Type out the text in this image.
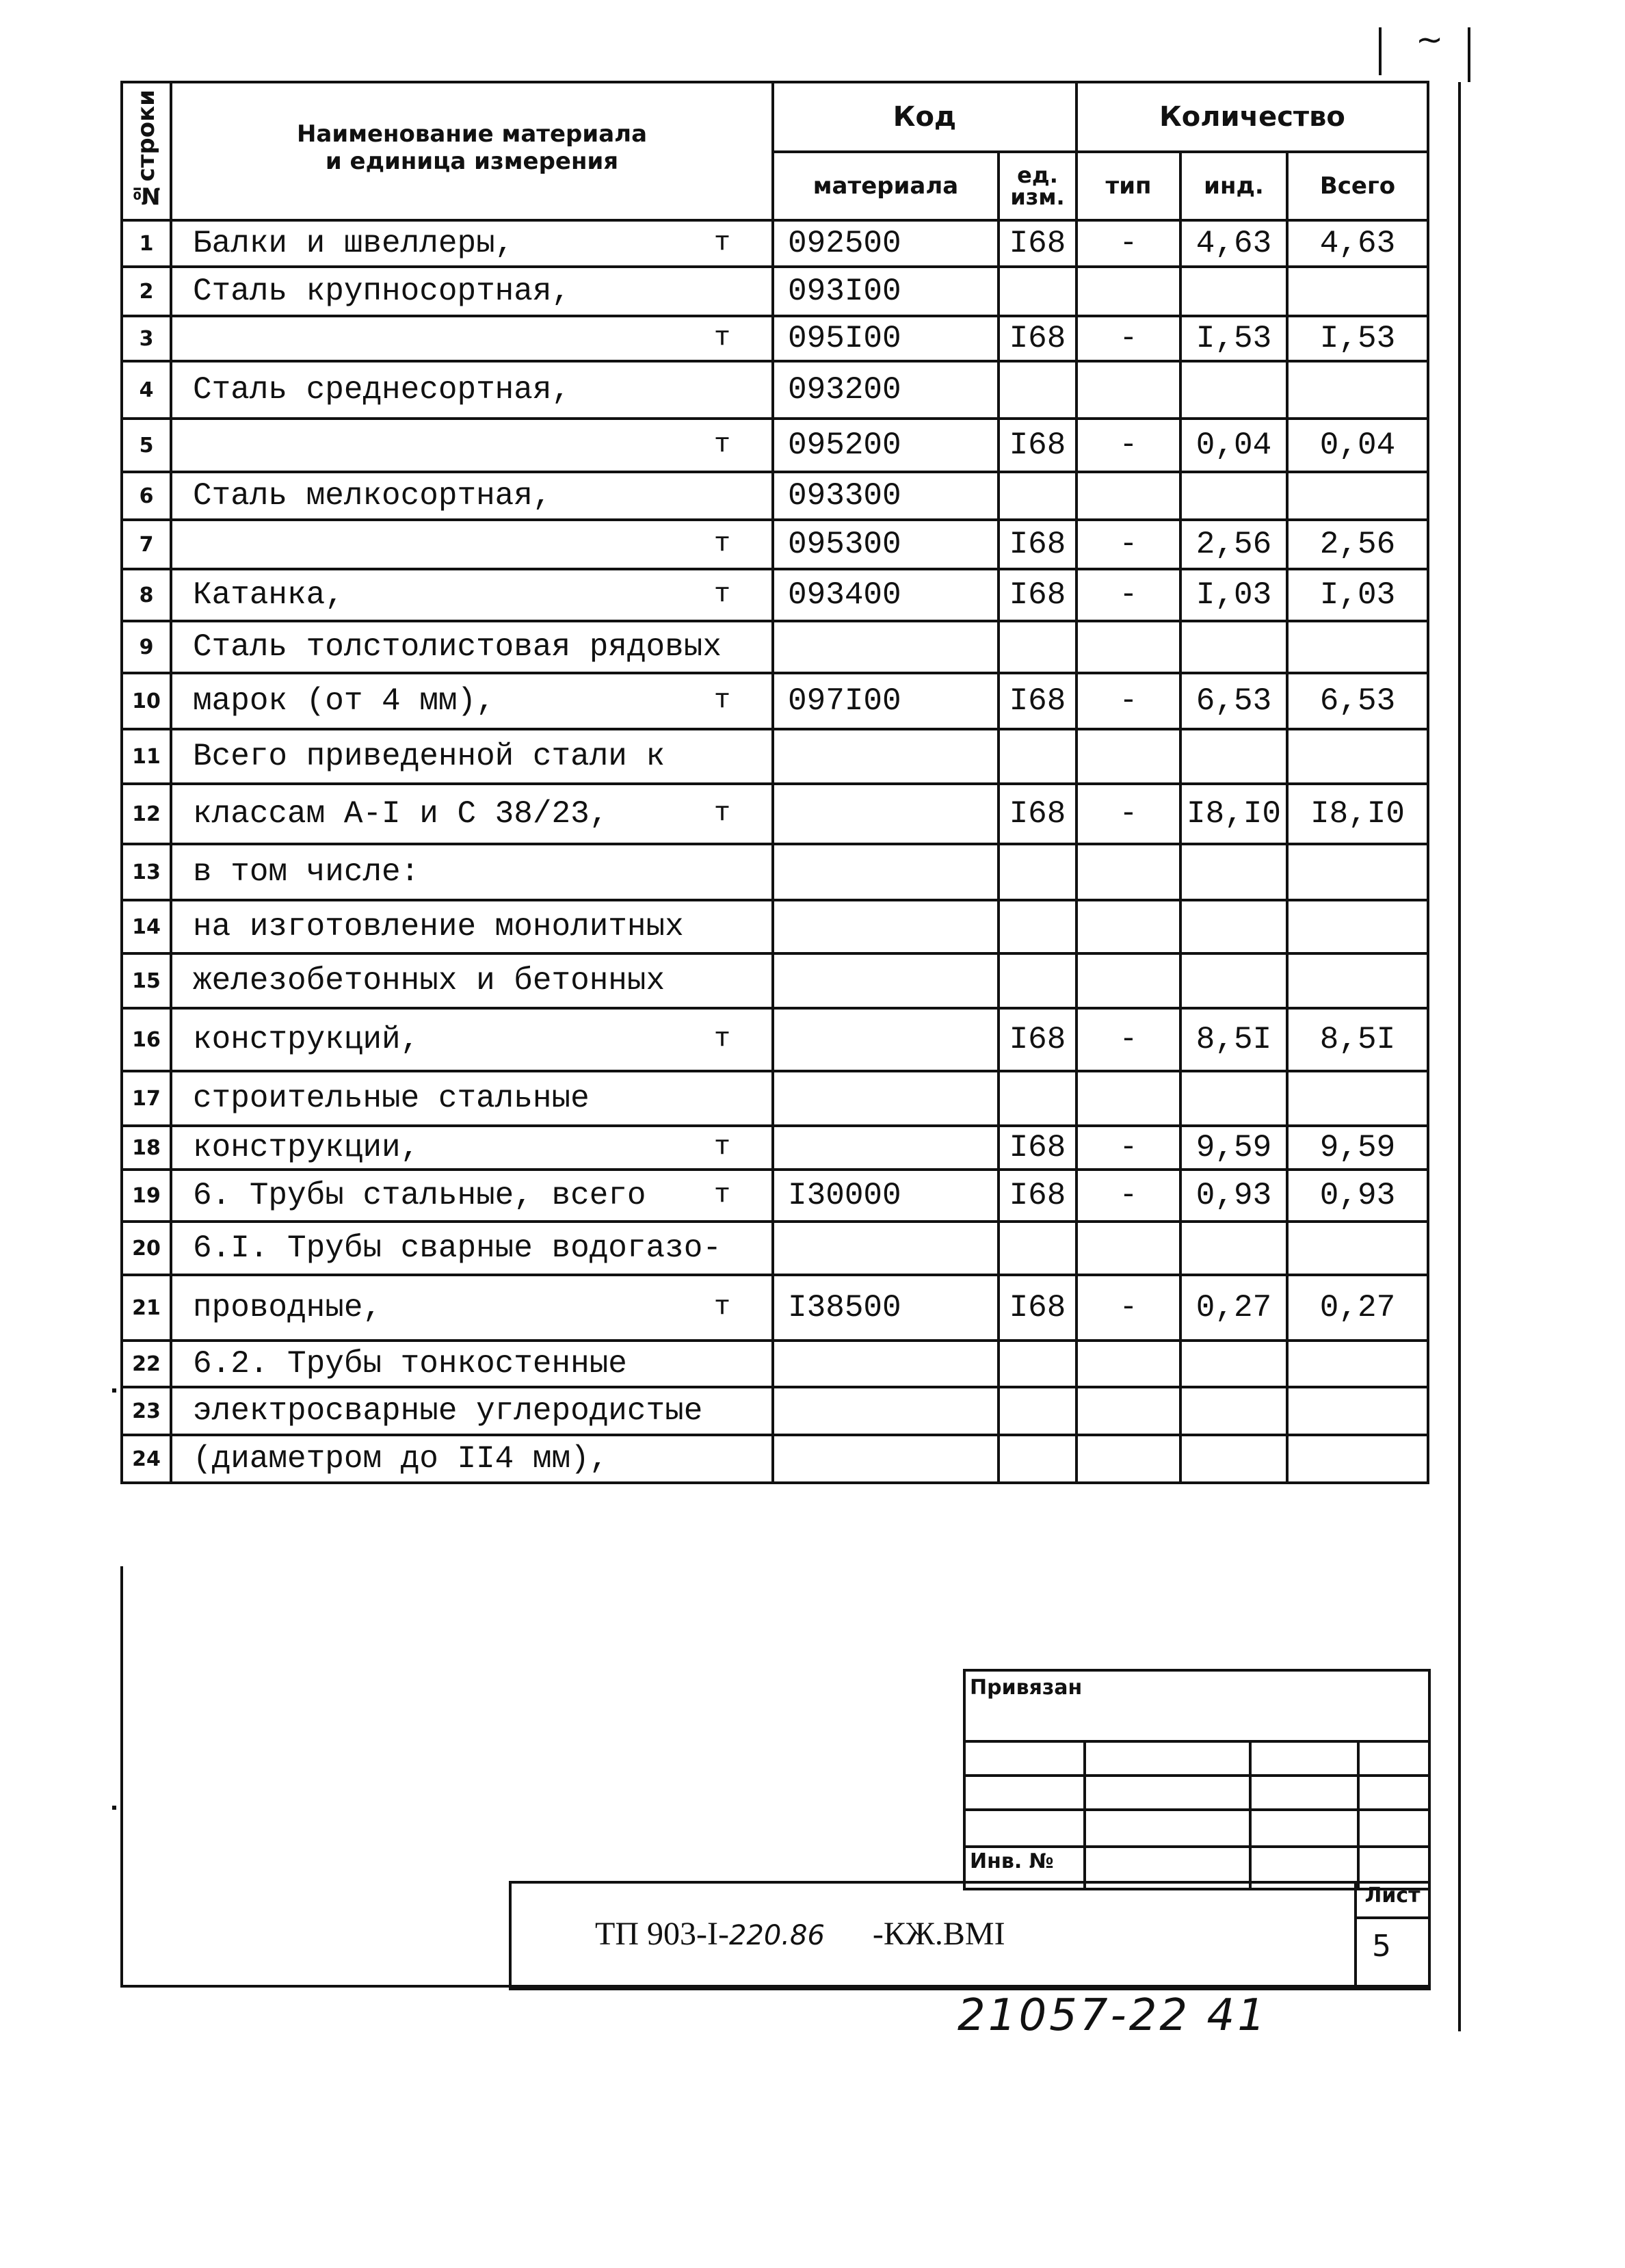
~
№строки	Наименование материала
и единица измерения	Код		Количество		
		материала	ед. изм.	тип	инд.	Всего
1	Балки и швеллеры, т	092500	I68	-	4,63	4,63
2	Сталь крупносортная,	093I00				
3	т	095I00	I68	-	I,53	I,53
4	Сталь среднесортная,	093200				
5	т	095200	I68	-	0,04	0,04
6	Сталь мелкосортная,	093300				
7	т	095300	I68	-	2,56	2,56
8	Катанка, т	093400	I68	-	I,03	I,03
9	Сталь толстолистовая рядовых

10	марок (от 4 мм), т	097I00	I68	-	6,53	6,53
11	Всего приведенной стали к

12	классам А-I и С 38/23, т		I68	-	I8,I0	I8,I0
13	в том числе:

14	на изготовление монолитных

15	железобетонных и бетонных

16	конструкций, т		I68	-	8,5I	8,5I
17	строительные стальные

18	конструкции, т		I68	-	9,59	9,59
19	6. Трубы стальные, всего т	I30000	I68	-	0,93	0,93
20	6.I. Трубы сварные водогазо-

21	проводные, т	I38500	I68	-	0,27	0,27
22	6.2. Трубы тонкостенные

23	электросварные углеродистые

24	(диаметром до II4 мм),

Привязан
Инв. №
ТП 903-I-220.86 -КЖ.ВМI
Лист
5
21057-22 41
